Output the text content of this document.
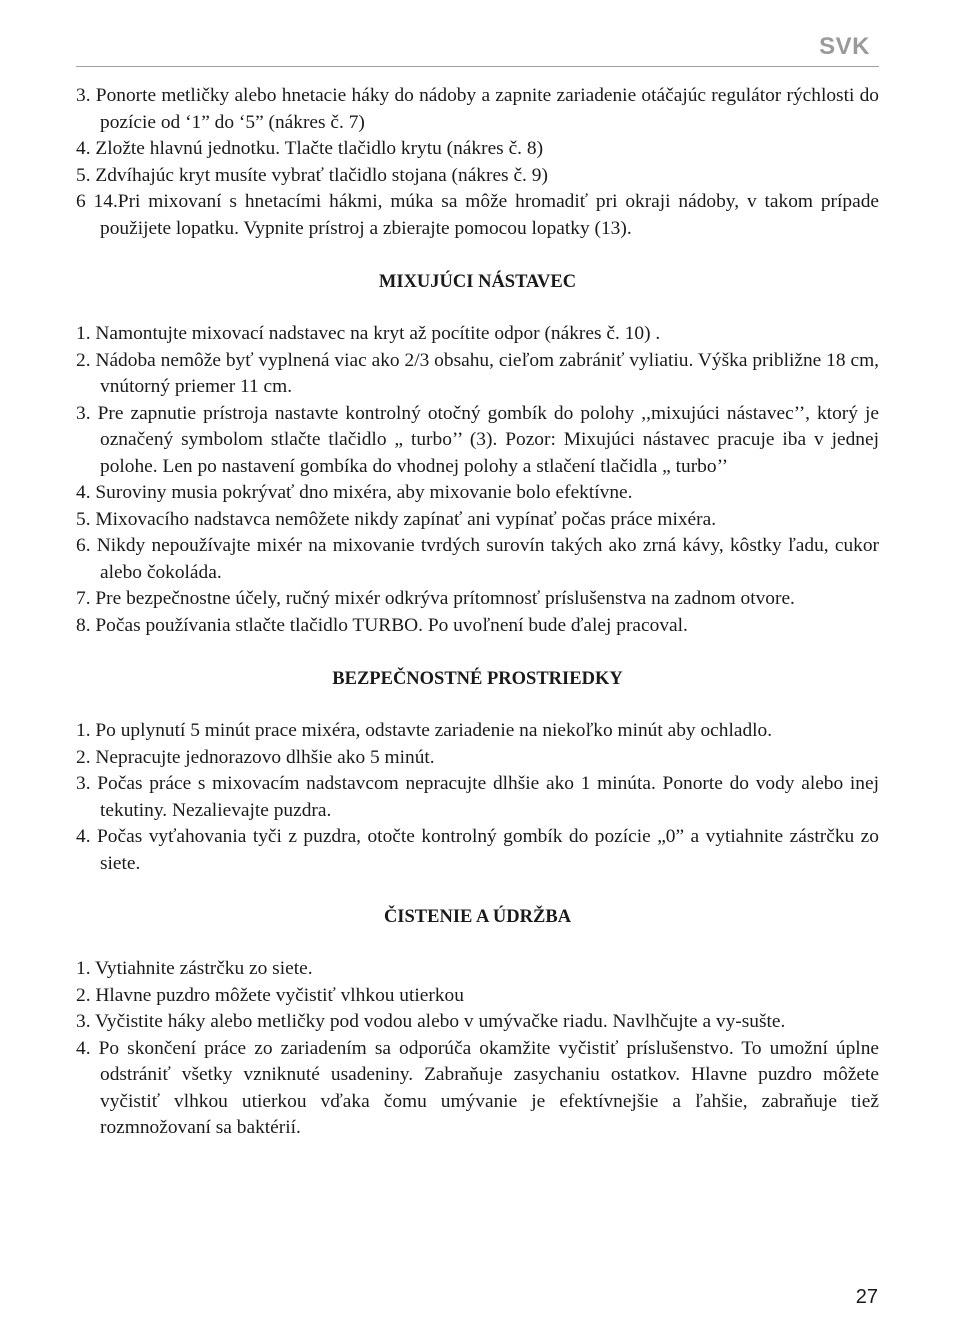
SVK

3. Ponorte metličky alebo hnetacie háky do nádoby a zapnite zariadenie otáčajúc regulátor rýchlosti do pozície od ‘1” do ‘5” (nákres č. 7)

4. Zložte hlavnú jednotku. Tlačte tlačidlo krytu (nákres č. 8)

5. Zdvíhajúc kryt musíte vybrať tlačidlo stojana (nákres č. 9)

6 14.Pri mixovaní s hnetacími hákmi, múka sa môže hromadiť pri okraji nádoby, v takom prípade použijete lopatku. Vypnite prístroj a zbierajte pomocou lopatky (13).

MIXUJÚCI NÁSTAVEC

1. Namontujte mixovací nadstavec na kryt až pocítite odpor (nákres č. 10) .

2. Nádoba nemôže byť vyplnená viac ako 2/3 obsahu, cieľom zabrániť vyliatiu. Výška približne 18 cm, vnútorný priemer 11 cm.

3. Pre zapnutie prístroja nastavte kontrolný otočný gombík do polohy ,,mixujúci nástavec’’, ktorý je označený symbolom stlačte tlačidlo „ turbo’’ (3). Pozor: Mixujúci nástavec pracuje iba v jednej polohe. Len po nastavení gombíka do vhodnej polohy a stlačení tlačidla „ turbo’’

4. Suroviny musia pokrývať dno mixéra, aby mixovanie bolo efektívne.

5. Mixovacího nadstavca nemôžete nikdy zapínať ani vypínať počas práce mixéra.

6. Nikdy nepoužívajte mixér na mixovanie tvrdých surovín takých ako zrná kávy, kôstky ľadu, cukor alebo čokoláda.

7. Pre bezpečnostne účely, ručný mixér odkrýva prítomnosť príslušenstva na zadnom otvore.

8. Počas používania stlačte tlačidlo TURBO. Po uvoľnení bude ďalej pracoval.

BEZPEČNOSTNÉ PROSTRIEDKY

1. Po uplynutí 5 minút prace mixéra, odstavte zariadenie na niekoľko minút aby ochladlo.

2. Nepracujte jednorazovo dlhšie ako 5 minút.

3. Počas práce s mixovacím nadstavcom nepracujte dlhšie ako 1 minúta. Ponorte do vody alebo inej tekutiny. Nezalievajte puzdra.

4. Počas vyťahovania tyči z puzdra, otočte kontrolný gombík do pozície „0” a vytiahnite zástrčku zo siete.

ČISTENIE A ÚDRŽBA

1. Vytiahnite zástrčku zo siete.

2. Hlavne puzdro môžete vyčistiť vlhkou utierkou

3. Vyčistite háky alebo metličky pod vodou alebo v umývačke riadu. Navlhčujte a vy-sušte.

4. Po skončení práce zo zariadením sa odporúča okamžite vyčistiť príslušenstvo. To umožní úplne odstrániť všetky vzniknuté usadeniny. Zabraňuje zasychaniu ostatkov. Hlavne puzdro môžete vyčistiť vlhkou utierkou vďaka čomu umývanie je efektívnejšie a ľahšie, zabraňuje tiež rozmnožovaní sa baktérií.

27
